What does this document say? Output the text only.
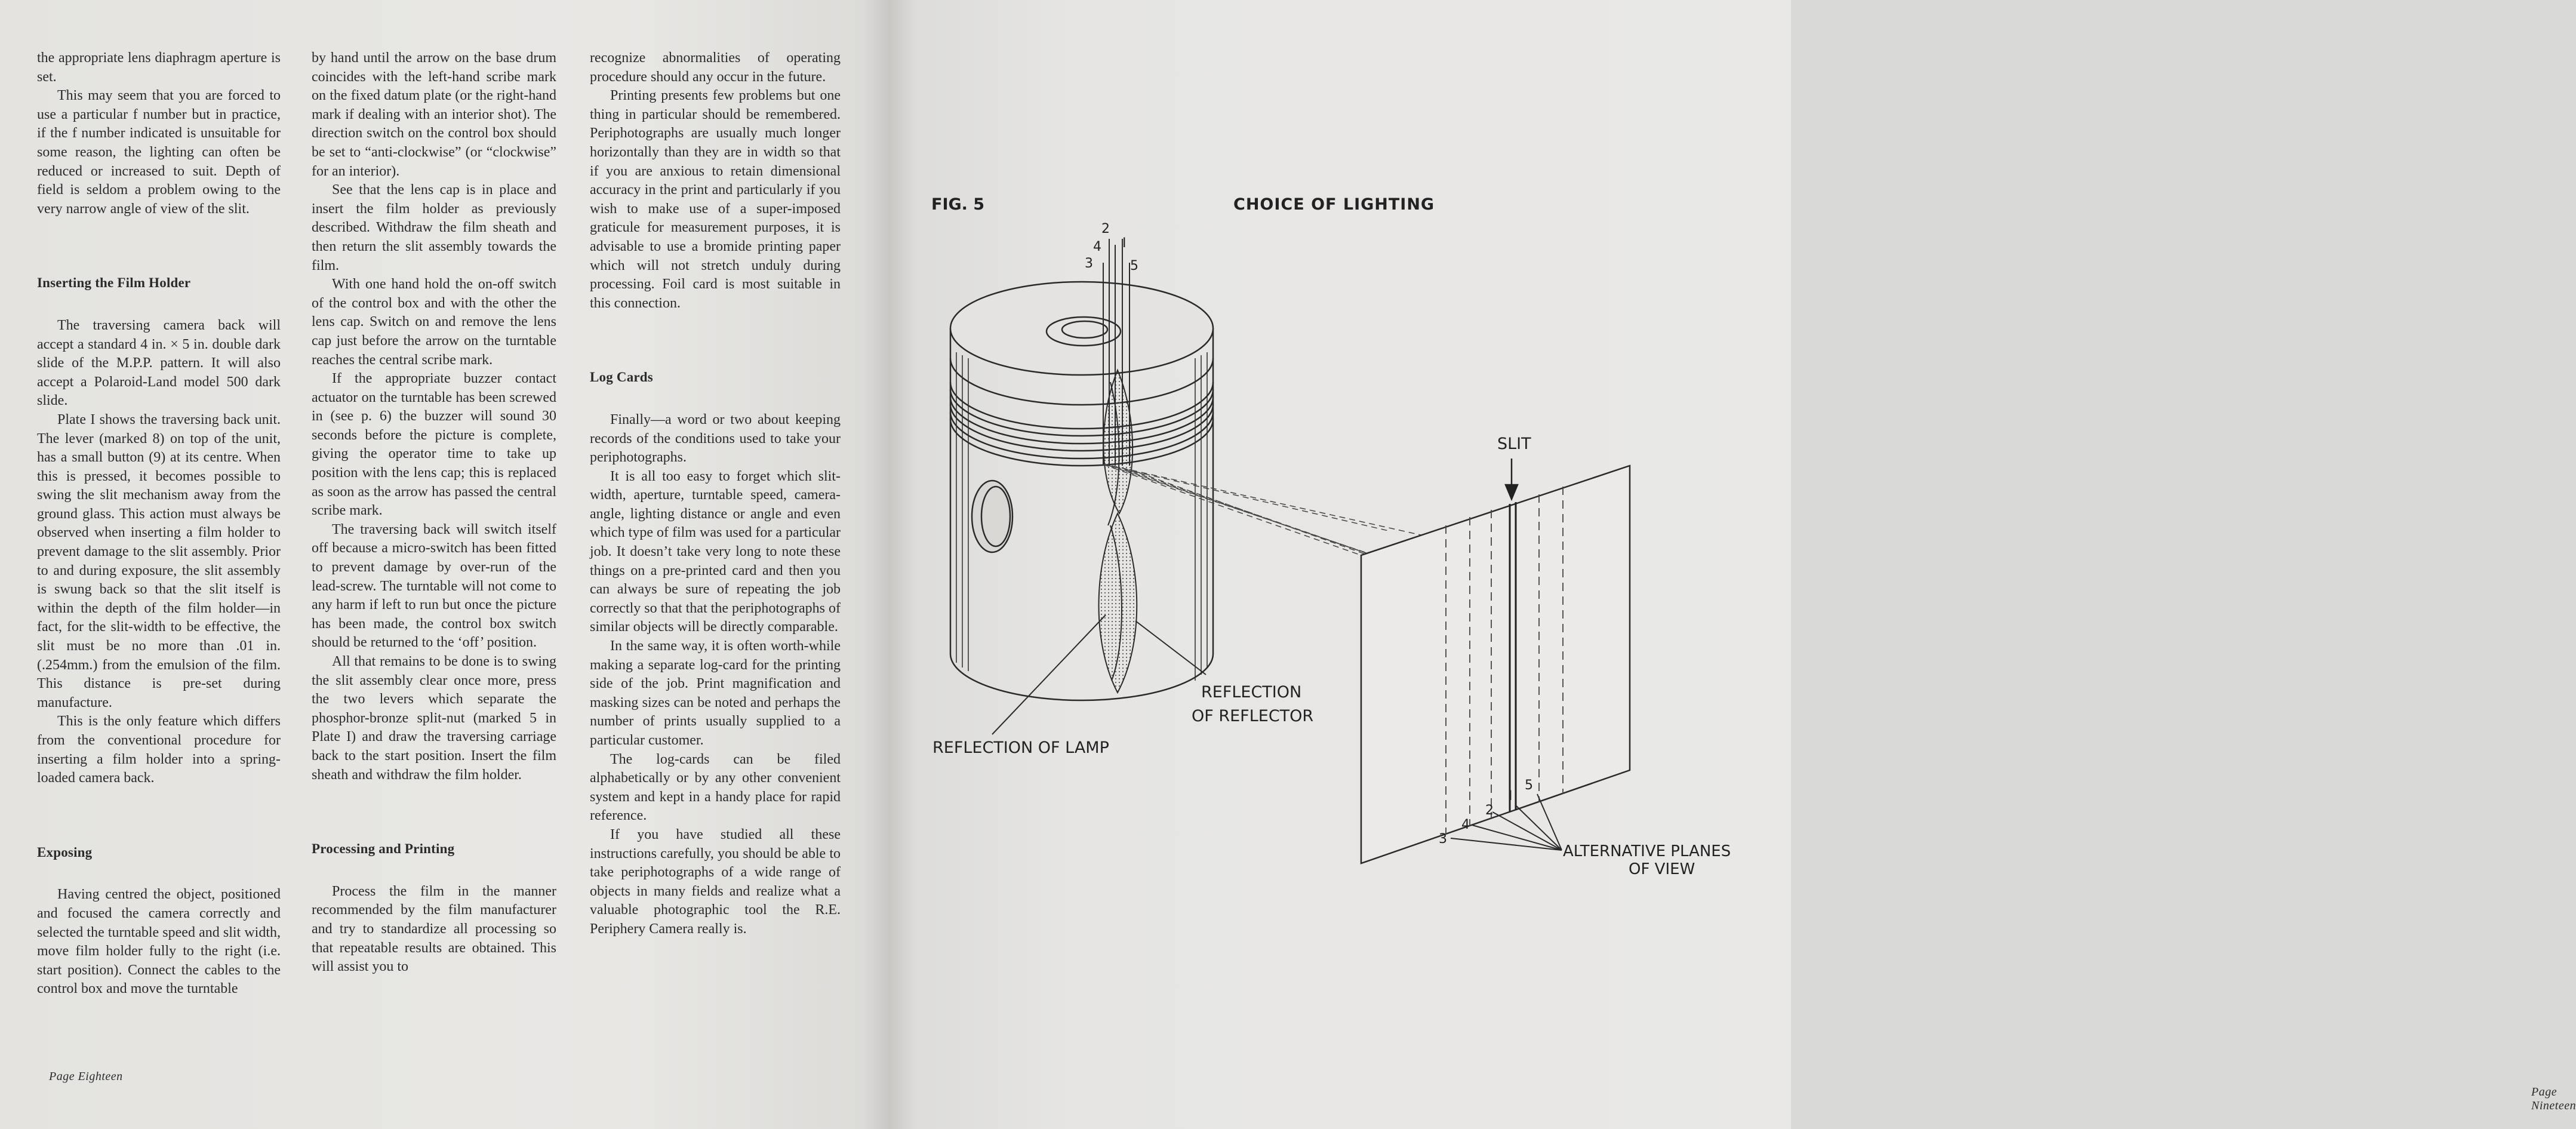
the appropriate lens diaphragm aperture is set.

This may seem that you are forced to use a particular f number but in practice, if the f number indicated is unsuitable for some reason, the lighting can often be reduced or increased to suit. Depth of field is seldom a problem owing to the very narrow angle of view of the slit.

Inserting the Film Holder

The traversing camera back will accept a standard 4 in. × 5 in. double dark slide of the M.P.P. pattern. It will also accept a Polaroid-Land model 500 dark slide.

Plate I shows the traversing back unit. The lever (marked 8) on top of the unit, has a small button (9) at its centre. When this is pressed, it becomes possible to swing the slit mechanism away from the ground glass. This action must always be observed when inserting a film holder to prevent damage to the slit assembly. Prior to and during exposure, the slit assembly is swung back so that the slit itself is within the depth of the film holder—in fact, for the slit-width to be effective, the slit must be no more than .01 in. (.254mm.) from the emulsion of the film. This distance is pre-set during manufacture.

This is the only feature which differs from the conventional procedure for inserting a film holder into a spring-loaded camera back.

Exposing

Having centred the object, positioned and focused the camera correctly and selected the turntable speed and slit width, move film holder fully to the right (i.e. start position). Connect the cables to the control box and move the turntable

by hand until the arrow on the base drum coincides with the left-hand scribe mark on the fixed datum plate (or the right-hand mark if dealing with an interior shot). The direction switch on the control box should be set to “anti-clockwise” (or “clockwise” for an interior).

See that the lens cap is in place and insert the film holder as previously described. Withdraw the film sheath and then return the slit assembly towards the film.

With one hand hold the on-off switch of the control box and with the other the lens cap. Switch on and remove the lens cap just before the arrow on the turntable reaches the central scribe mark.

If the appropriate buzzer contact actuator on the turntable has been screwed in (see p. 6) the buzzer will sound 30 seconds before the picture is complete, giving the operator time to take up position with the lens cap; this is replaced as soon as the arrow has passed the central scribe mark.

The traversing back will switch itself off because a micro-switch has been fitted to prevent damage by over-run of the lead-screw. The turntable will not come to any harm if left to run but once the picture has been made, the control box switch should be returned to the ‘off’ position.

All that remains to be done is to swing the slit assembly clear once more, press the two levers which separate the phosphor-bronze split-nut (marked 5 in Plate I) and draw the traversing carriage back to the start position. Insert the film sheath and withdraw the film holder.

Processing and Printing

Process the film in the manner recommended by the film manufacturer and try to standardize all processing so that repeatable results are obtained. This will assist you to

recognize abnormalities of operating procedure should any occur in the future.

Printing presents few problems but one thing in particular should be remembered. Periphotographs are usually much longer horizontally than they are in width so that if you are anxious to retain dimensional accuracy in the print and particularly if you wish to make use of a super-imposed graticule for measurement purposes, it is advisable to use a bromide printing paper which will not stretch unduly during processing. Foil card is most suitable in this connection.

Log Cards

Finally—a word or two about keeping records of the conditions used to take your periphotographs.

It is all too easy to forget which slit-width, aperture, turntable speed, camera-angle, lighting distance or angle and even which type of film was used for a particular job. It doesn’t take very long to note these things on a pre-printed card and then you can always be sure of repeating the job correctly so that that the periphotographs of similar objects will be directly comparable.

In the same way, it is often worth-while making a separate log-card for the printing side of the job. Print magnification and masking sizes can be noted and perhaps the number of prints usually supplied to a particular customer.

The log-cards can be filed alphabetically or by any other convenient system and kept in a handy place for rapid reference.

If you have studied all these instructions carefully, you should be able to take periphotographs of a wide range of objects in many fields and realize what a valuable photographic tool the R.E. Periphery Camera really is.

Page Eighteen
Page Nineteen
FIG. 5	CHOICE OF LIGHTING
2
4 I
3	5
SLIT
REFLECTION OF LAMP
REFLECTION
OF REFLECTOR
5
I
2
4
3
ALTERNATIVE PLANES
OF VIEW
